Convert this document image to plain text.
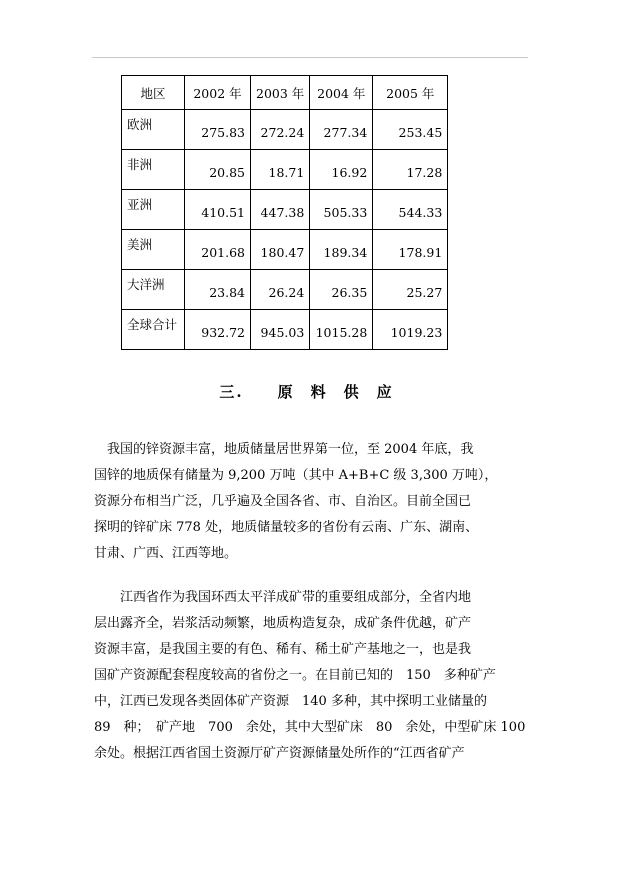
地区	2002 年	2003 年	2004 年	2005 年
欧洲	275.83	272.24	277.34	253.45
非洲	20.85	18.71	16.92	17.28
亚洲	410.51	447.38	505.33	544.33
美洲	201.68	180.47	189.34	178.91
大洋洲	23.84	26.24	26.35	25.27
全球合计	932.72	945.03	1015.28	1019.23
三. 原 料 供 应
　我国的锌资源丰富，地质储量居世界第一位，至 2004 年底，我
国锌的地质保有储量为 9,200 万吨（其中 A+B+C 级 3,300 万吨），
资源分布相当广泛，几乎遍及全国各省、市、自治区。目前全国已
探明的锌矿床 778 处，地质储量较多的省份有云南、广东、湖南、
甘肃、广西、江西等地。
　　江西省作为我国环西太平洋成矿带的重要组成部分，全省内地
层出露齐全，岩浆活动频繁，地质构造复杂，成矿条件优越，矿产
资源丰富，是我国主要的有色、稀有、稀土矿产基地之一，也是我
国矿产资源配套程度较高的省份之一。在目前已知的　150　多种矿产
中，江西已发现各类固体矿产资源　140 多种，其中探明工业储量的
89　种；　矿产地　700　余处，其中大型矿床　80　余处，中型矿床 100
余处。根据江西省国土资源厅矿产资源储量处所作的“江西省矿产
